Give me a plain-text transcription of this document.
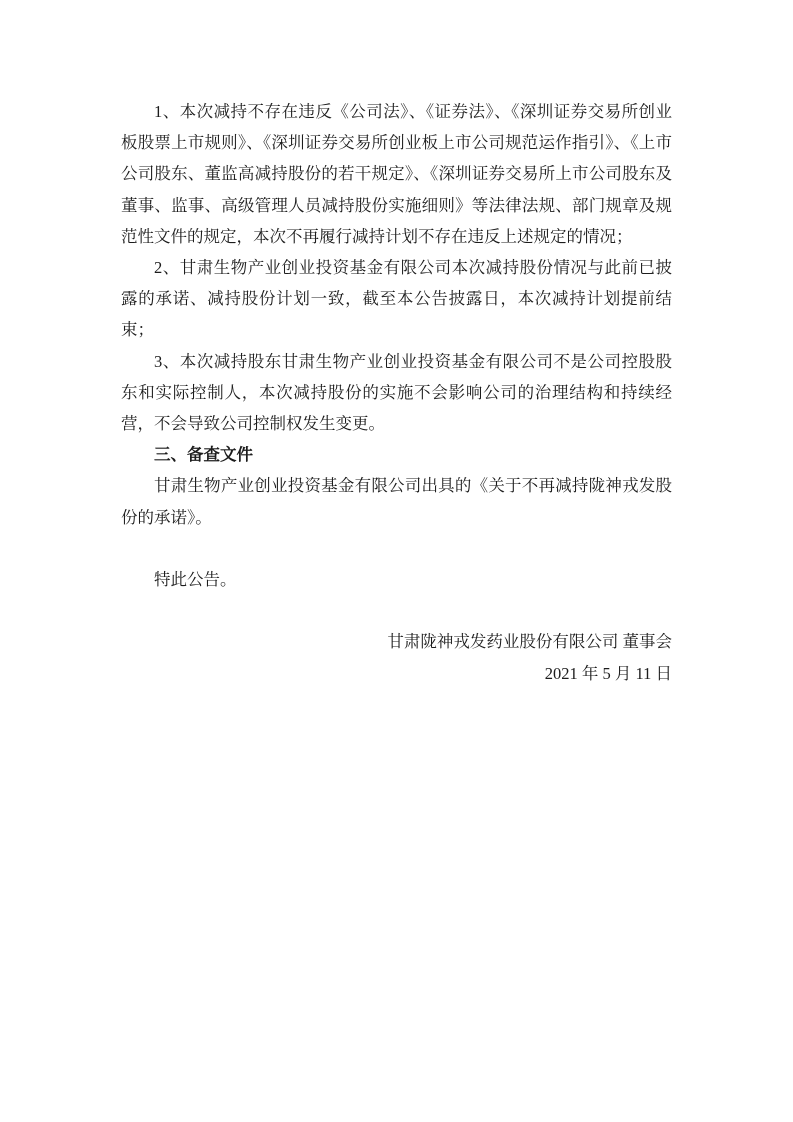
1、本次减持不存在违反《公司法》、《证券法》、《深圳证券交易所创业板股票上市规则》、《深圳证券交易所创业板上市公司规范运作指引》、《上市公司股东、董监高减持股份的若干规定》、《深圳证券交易所上市公司股东及董事、监事、高级管理人员减持股份实施细则》等法律法规、部门规章及规范性文件的规定，本次不再履行减持计划不存在违反上述规定的情况；

2、甘肃生物产业创业投资基金有限公司本次减持股份情况与此前已披露的承诺、减持股份计划一致，截至本公告披露日，本次减持计划提前结束；

3、本次减持股东甘肃生物产业创业投资基金有限公司不是公司控股股东和实际控制人，本次减持股份的实施不会影响公司的治理结构和持续经营，不会导致公司控制权发生变更。

三、备查文件

甘肃生物产业创业投资基金有限公司出具的《关于不再减持陇神戎发股份的承诺》。

特此公告。

甘肃陇神戎发药业股份有限公司 董事会

2021 年 5 月 11 日
